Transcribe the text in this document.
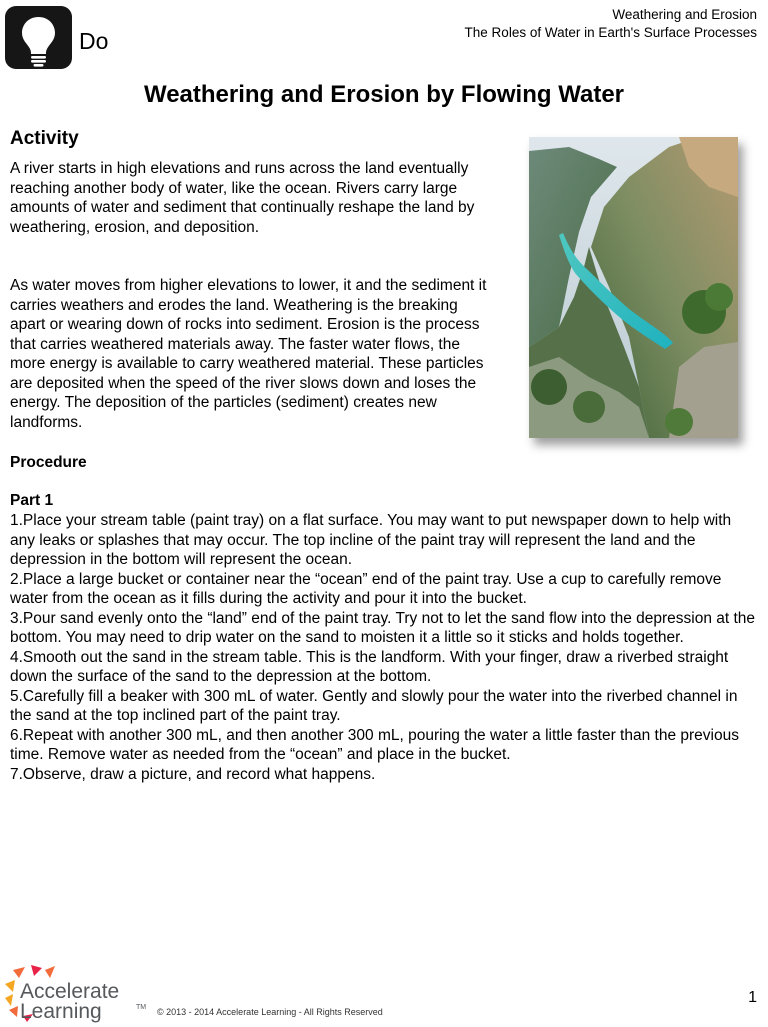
Do
Weathering and Erosion
The Roles of Water in Earth's Surface Processes
Weathering and Erosion by Flowing Water
Activity
A river starts in high elevations and runs across the land eventually reaching another body of water, like the ocean. Rivers carry large amounts of water and sediment that continually reshape the land by weathering, erosion, and deposition.
As water moves from higher elevations to lower, it and the sediment it carries weathers and erodes the land. Weathering is the breaking apart or wearing down of rocks into sediment. Erosion is the process that carries weathered materials away. The faster water flows, the more energy is available to carry weathered material. These particles are deposited when the speed of the river slows down and loses the energy. The deposition of the particles (sediment) creates new landforms.
Procedure
Part 1
1.Place your stream table (paint tray) on a flat surface. You may want to put newspaper down to help with any leaks or splashes that may occur. The top incline of the paint tray will represent the land and the depression in the bottom will represent the ocean.
2.Place a large bucket or container near the “ocean” end of the paint tray. Use a cup to carefully remove water from the ocean as it fills during the activity and pour it into the bucket.
3.Pour sand evenly onto the “land” end of the paint tray. Try not to let the sand flow into the depression at the bottom. You may need to drip water on the sand to moisten it a little so it sticks and holds together.
4.Smooth out the sand in the stream table. This is the landform. With your finger, draw a riverbed straight down the surface of the sand to the depression at the bottom.
5.Carefully fill a beaker with 300 mL of water. Gently and slowly pour the water into the riverbed channel in the sand at the top inclined part of the paint tray.
6.Repeat with another 300 mL, and then another 300 mL, pouring the water a little faster than the previous time. Remove water as needed from the “ocean” and place in the bucket.
7.Observe, draw a picture, and record what happens.
Accelerate
Learning	TM © 2013 - 2014 Accelerate Learning - All Rights Reserved
1
